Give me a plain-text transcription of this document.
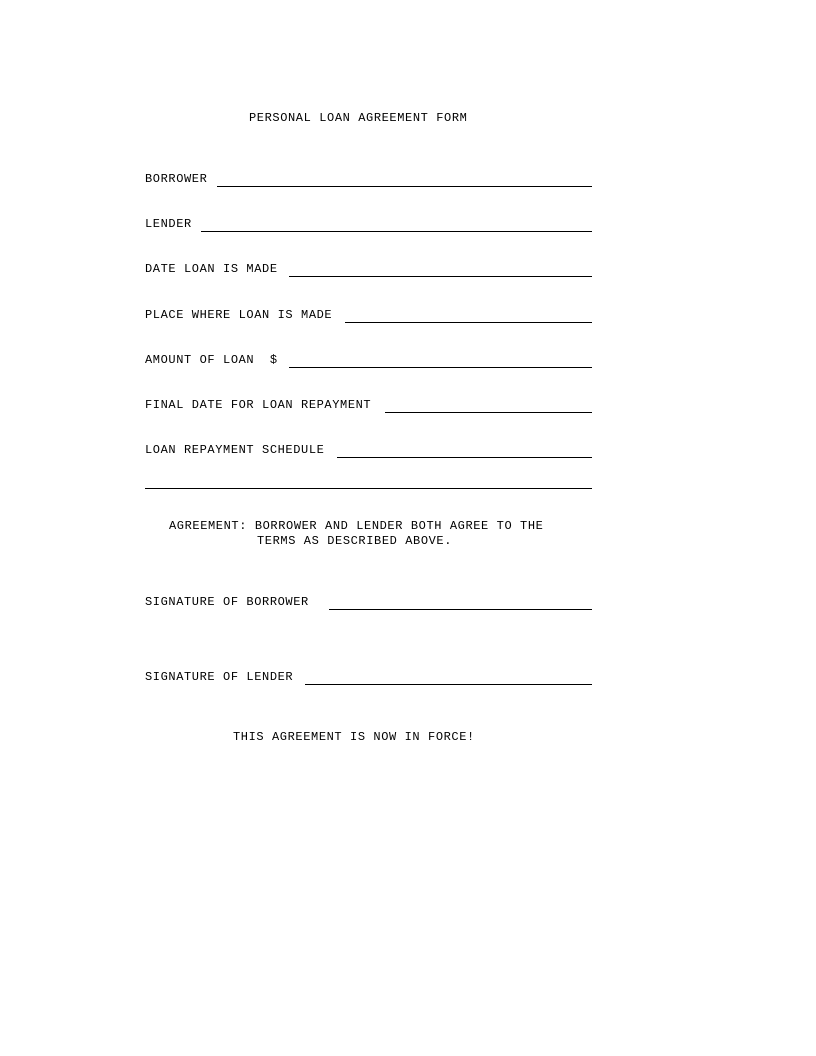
PERSONAL LOAN AGREEMENT FORM
BORROWER
LENDER
DATE LOAN IS MADE
PLACE WHERE LOAN IS MADE
AMOUNT OF LOAN  $
FINAL DATE FOR LOAN REPAYMENT
LOAN REPAYMENT SCHEDULE
AGREEMENT: BORROWER AND LENDER BOTH AGREE TO THE
TERMS AS DESCRIBED ABOVE.
SIGNATURE OF BORROWER
SIGNATURE OF LENDER
THIS AGREEMENT IS NOW IN FORCE!
